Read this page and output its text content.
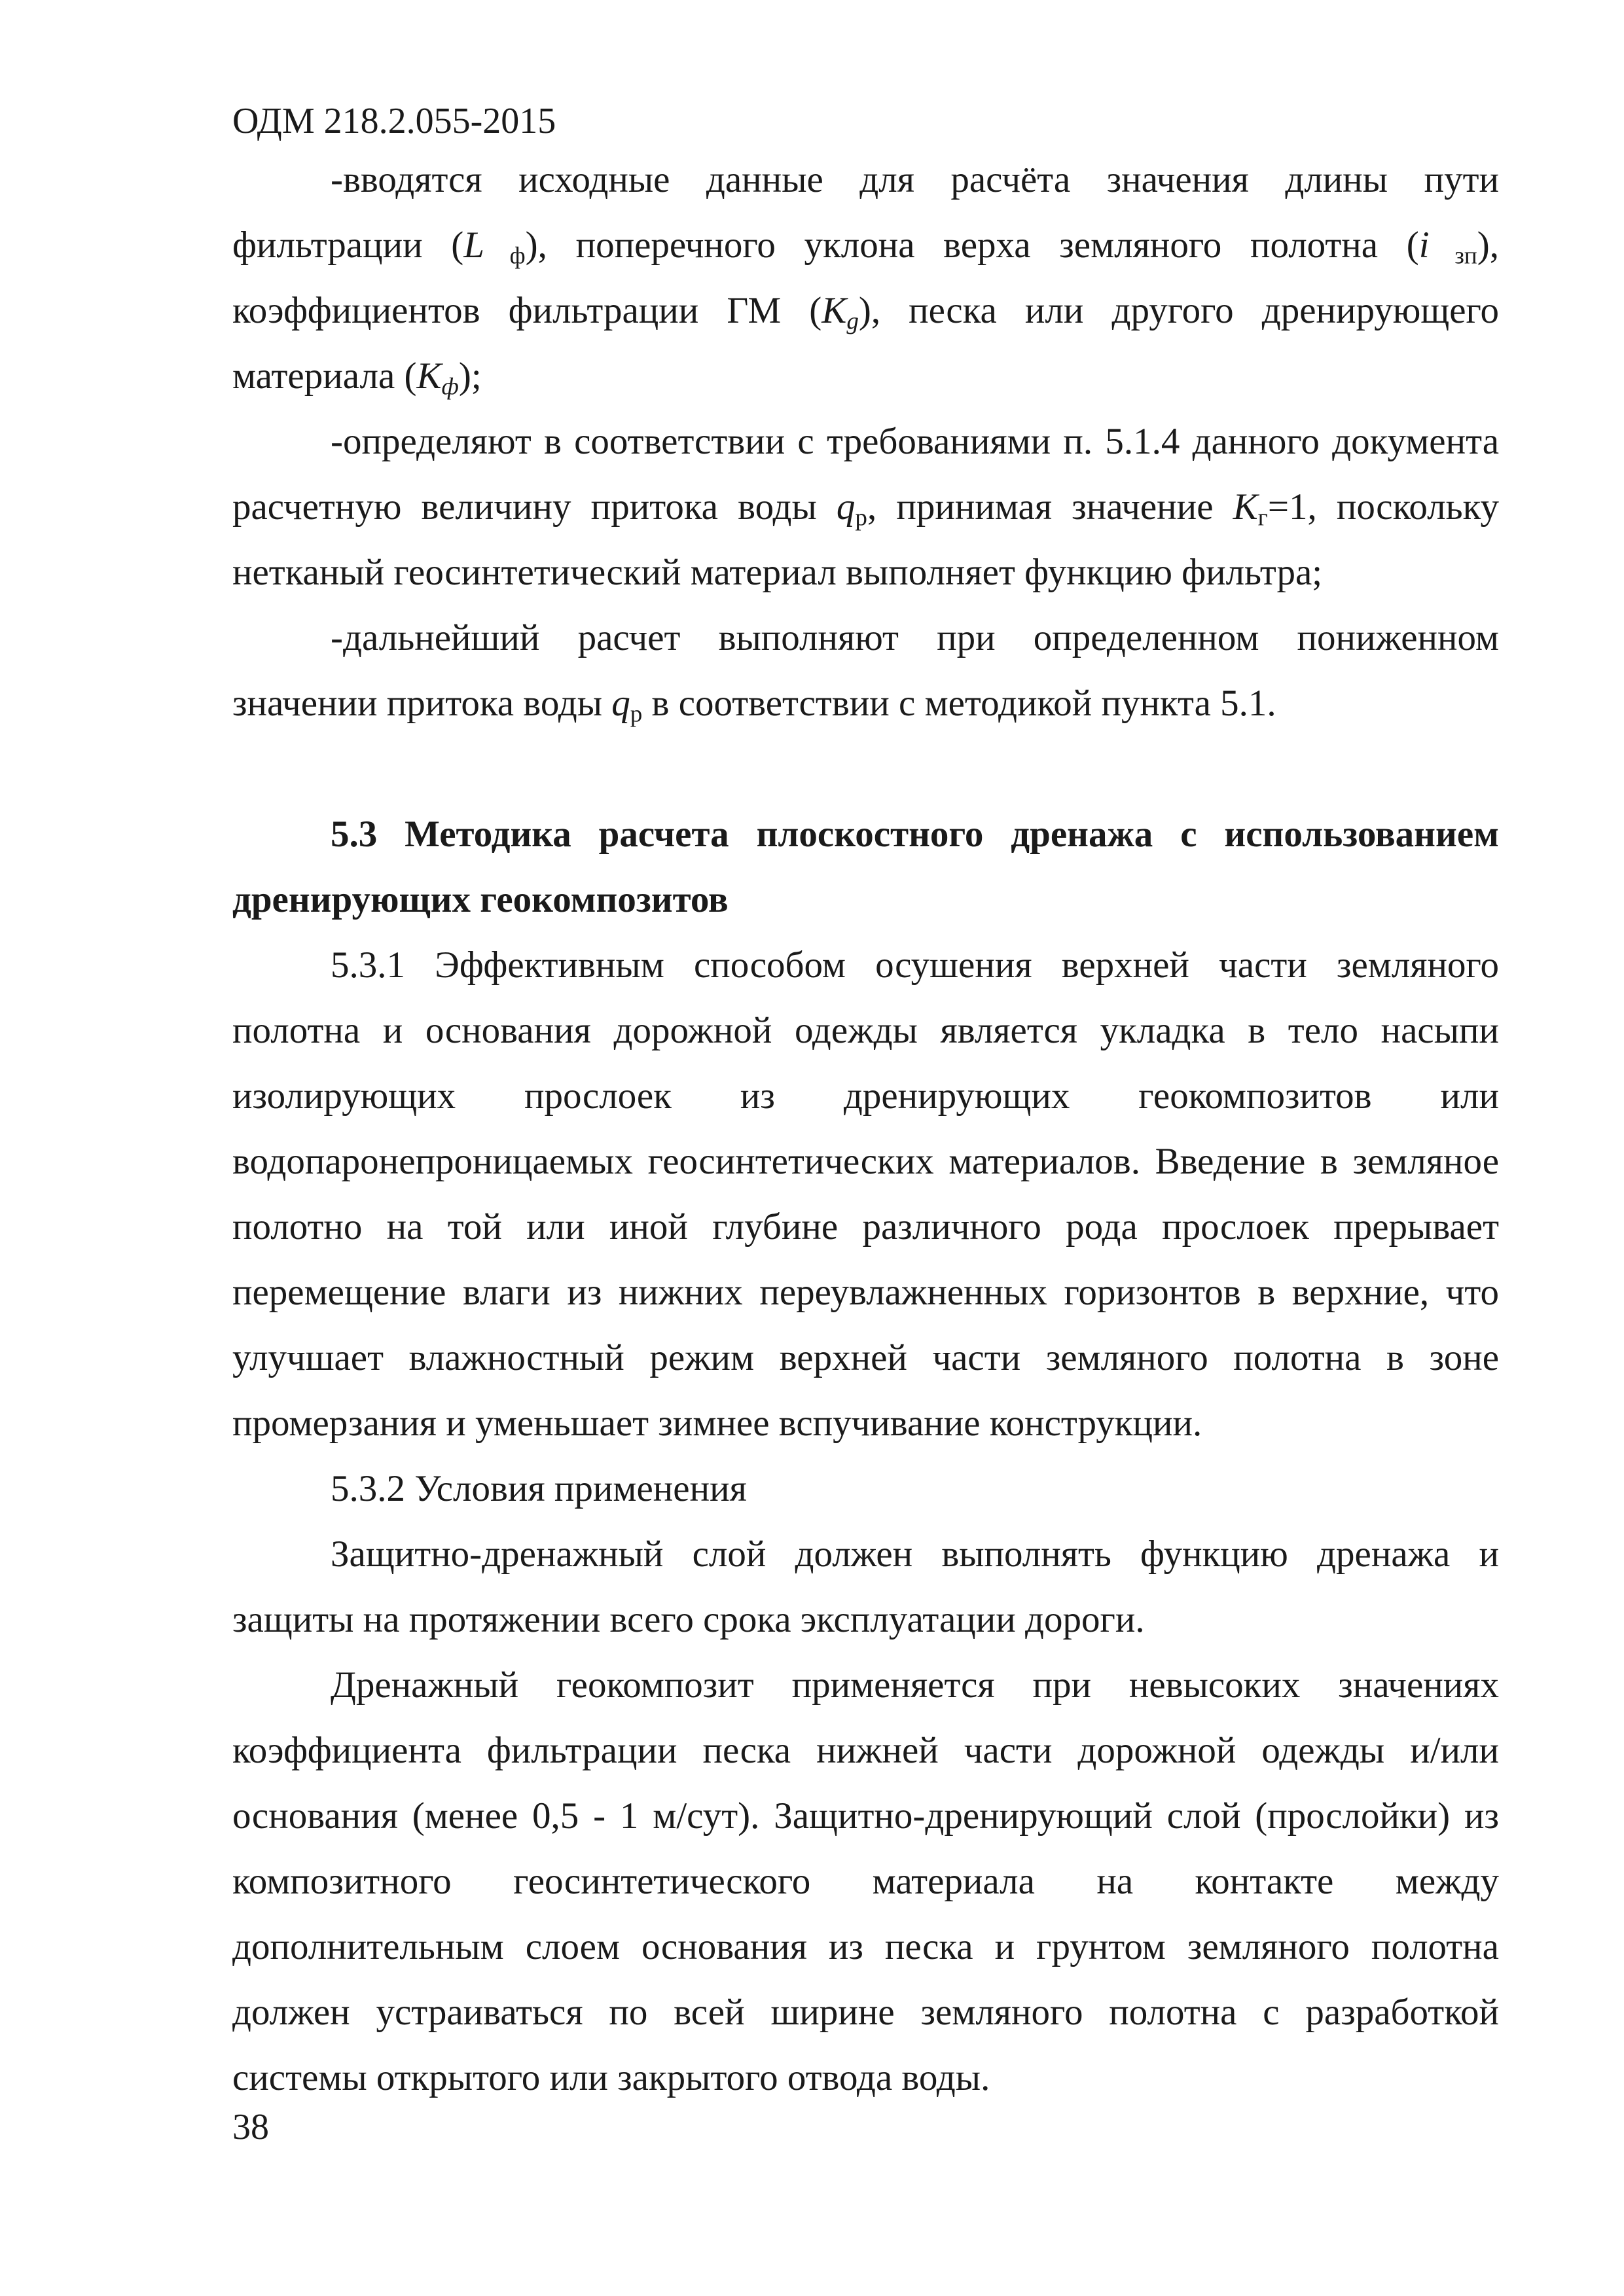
ОДМ 218.2.055-2015

-вводятся исходные данные для расчёта значения длины пути фильтрации (L $_ф$), поперечного уклона верха земляного полотна (i $_{зп}$), коэффициентов фильтрации ГМ $(K_g)$, песка или другого дренирующего материала $(K_ф)$;

-определяют в соответствии с требованиями п. 5.1.4 данного документа расчетную величину притока воды $q_р$, принимая значение $K_г=1$, поскольку нетканый геосинтетический материал выполняет функцию фильтра;

-дальнейший расчет выполняют при определенном пониженном значении притока воды $q_р$ в соответствии с методикой пункта 5.1.

5.3 Методика расчета плоскостного дренажа с использованием дренирующих геокомпозитов

5.3.1 Эффективным способом осушения верхней части земляного полотна и основания дорожной одежды является укладка в тело насыпи изолирующих прослоек из дренирующих геокомпозитов или водопаронепроницаемых геосинтетических материалов. Введение в земляное полотно на той или иной глубине различного рода прослоек прерывает перемещение влаги из нижних переувлажненных горизонтов в верхние, что улучшает влажностный режим верхней части земляного полотна в зоне промерзания и уменьшает зимнее вспучивание конструкции.

5.3.2 Условия применения

Защитно-дренажный слой должен выполнять функцию дренажа и защиты на протяжении всего срока эксплуатации дороги.

Дренажный геокомпозит применяется при невысоких значениях коэффициента фильтрации песка нижней части дорожной одежды и/или основания (менее 0,5 - 1 м/сут). Защитно-дренирующий слой (прослойки) из композитного геосинтетического материала на контакте между дополнительным слоем основания из песка и грунтом земляного полотна должен устраиваться по всей ширине земляного полотна с разработкой системы открытого или закрытого отвода воды.

38
